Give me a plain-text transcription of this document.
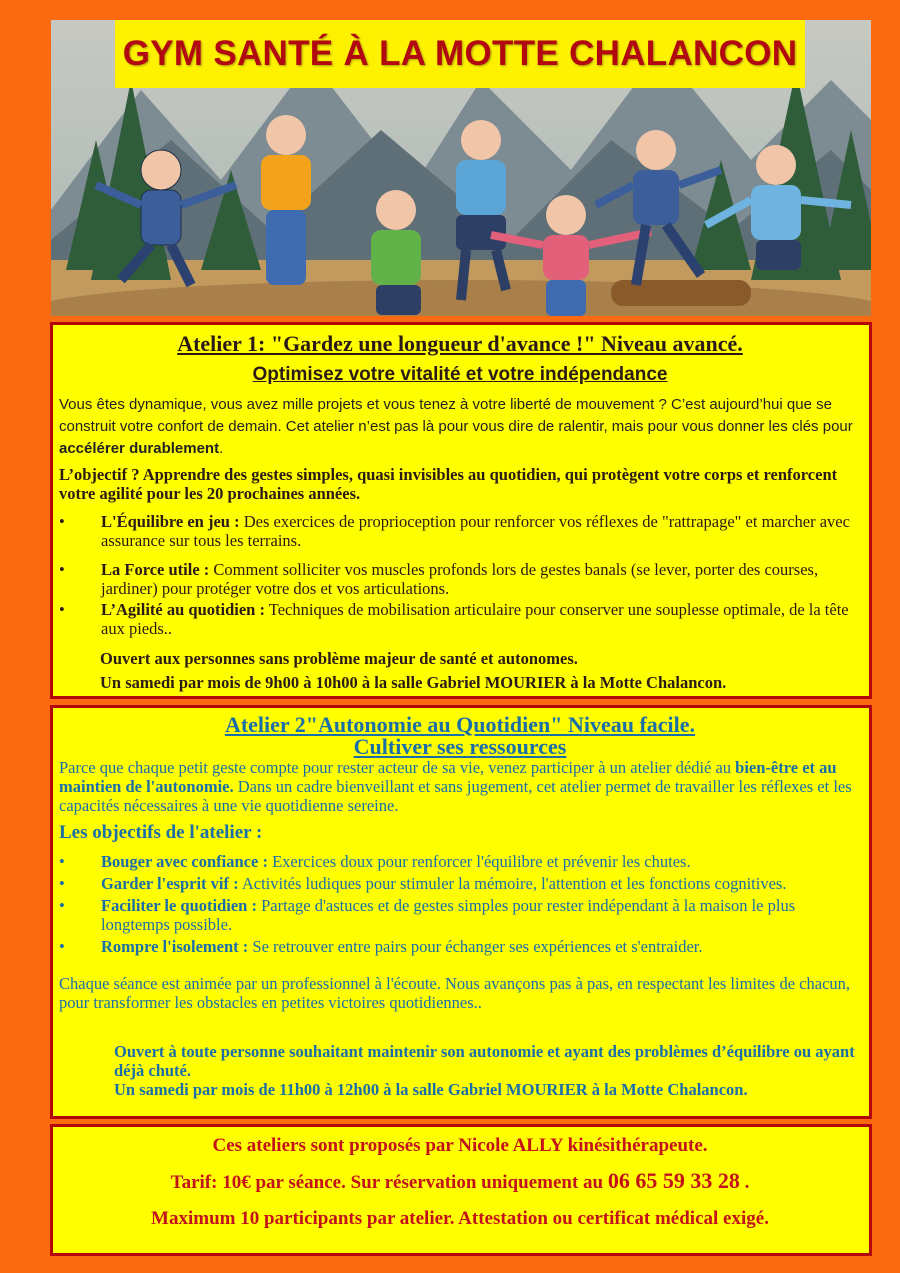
GYM SANTÉ À LA MOTTE CHALANCON
Atelier 1: "Gardez une longueur d'avance !" Niveau avancé.
Optimisez votre vitalité et votre indépendance

Vous êtes dynamique, vous avez mille projets et vous tenez à votre liberté de mouvement ? C’est aujourd’hui que se construit votre confort de demain. Cet atelier n’est pas là pour vous dire de ralentir, mais pour vous donner les clés pour accélérer durablement.

L’objectif ? Apprendre des gestes simples, quasi invisibles au quotidien, qui protègent votre corps et renforcent votre agilité pour les 20 prochaines années.

• L'Équilibre en jeu : Des exercices de proprioception pour renforcer vos réflexes de "rattrapage" et marcher avec assurance sur tous les terrains.
• La Force utile : Comment solliciter vos muscles profonds lors de gestes banals (se lever, porter des courses, jardiner) pour protéger votre dos et vos articulations.
• L’Agilité au quotidien : Techniques de mobilisation articulaire pour conserver une souplesse optimale, de la tête aux pieds..

Ouvert aux personnes sans problème majeur de santé et autonomes.

Un samedi par mois de 9h00 à 10h00 à la salle Gabriel MOURIER à la Motte Chalancon.

Atelier 2"Autonomie au Quotidien" Niveau facile.
Cultiver ses ressources

Parce que chaque petit geste compte pour rester acteur de sa vie, venez participer à un atelier dédié au bien-être et au maintien de l'autonomie. Dans un cadre bienveillant et sans jugement, cet atelier permet de travailler les réflexes et les capacités nécessaires à une vie quotidienne sereine.

Les objectifs de l'atelier :

• Bouger avec confiance : Exercices doux pour renforcer l'équilibre et prévenir les chutes.
• Garder l'esprit vif : Activités ludiques pour stimuler la mémoire, l'attention et les fonctions cognitives.
• Faciliter le quotidien : Partage d'astuces et de gestes simples pour rester indépendant à la maison le plus longtemps possible.
• Rompre l'isolement : Se retrouver entre pairs pour échanger ses expériences et s'entraider.

Chaque séance est animée par un professionnel à l'écoute. Nous avançons pas à pas, en respectant les limites de chacun, pour transformer les obstacles en petites victoires quotidiennes..

Ouvert à toute personne souhaitant maintenir son autonomie et ayant des problèmes d’équilibre ou ayant déjà chuté.

Un samedi par mois de 11h00 à 12h00 à la salle Gabriel MOURIER à la Motte Chalancon.

Ces ateliers sont proposés par Nicole ALLY kinésithérapeute.

Tarif: 10€ par séance. Sur réservation uniquement au 06 65 59 33 28 .

Maximum 10 participants par atelier. Attestation ou certificat médical exigé.
